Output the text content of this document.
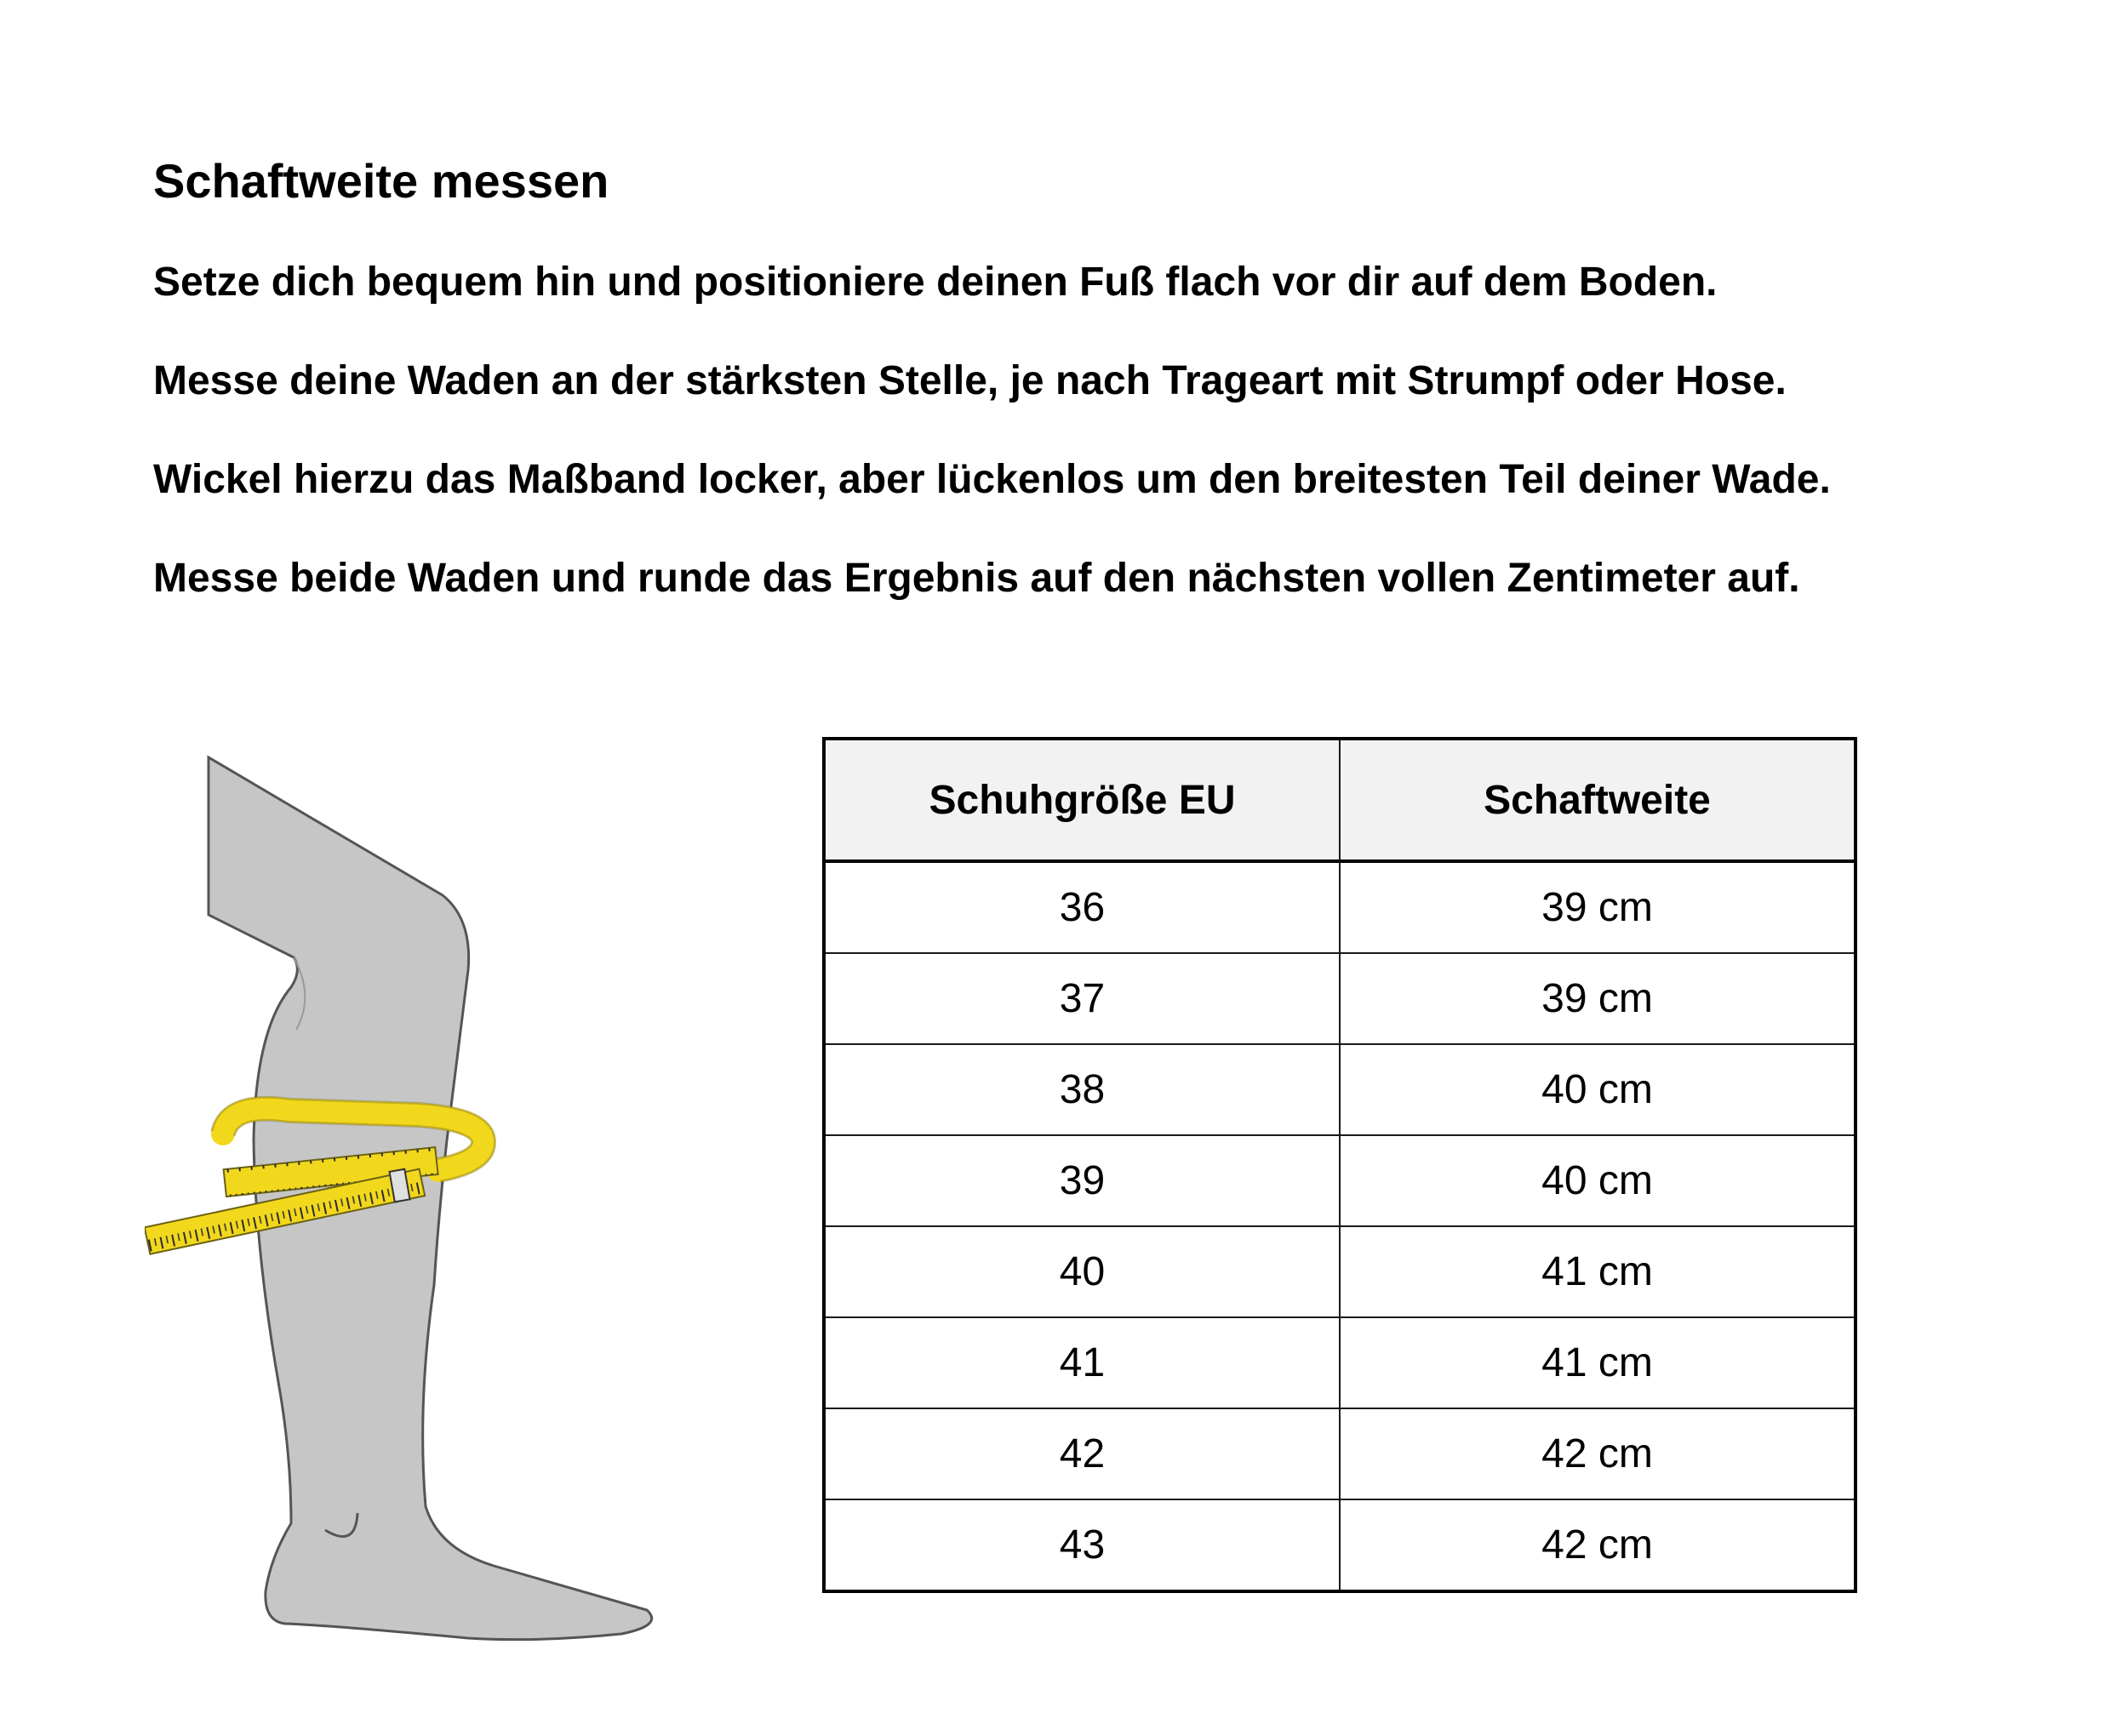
Schaftweite messen
Setze dich bequem hin und positioniere deinen Fuß flach vor dir auf dem Boden.
Messe deine Waden an der stärksten Stelle, je nach Trageart mit Strumpf oder Hose.
Wickel hierzu das Maßband locker, aber lückenlos um den breitesten Teil deiner Wade.
Messe beide Waden und runde das Ergebnis auf den nächsten vollen Zentimeter auf.
Schuhgröße EU	Schaftweite
36	39 cm
37	39 cm
38	40 cm
39	40 cm
40	41 cm
41	41 cm
42	42 cm
43	42 cm
